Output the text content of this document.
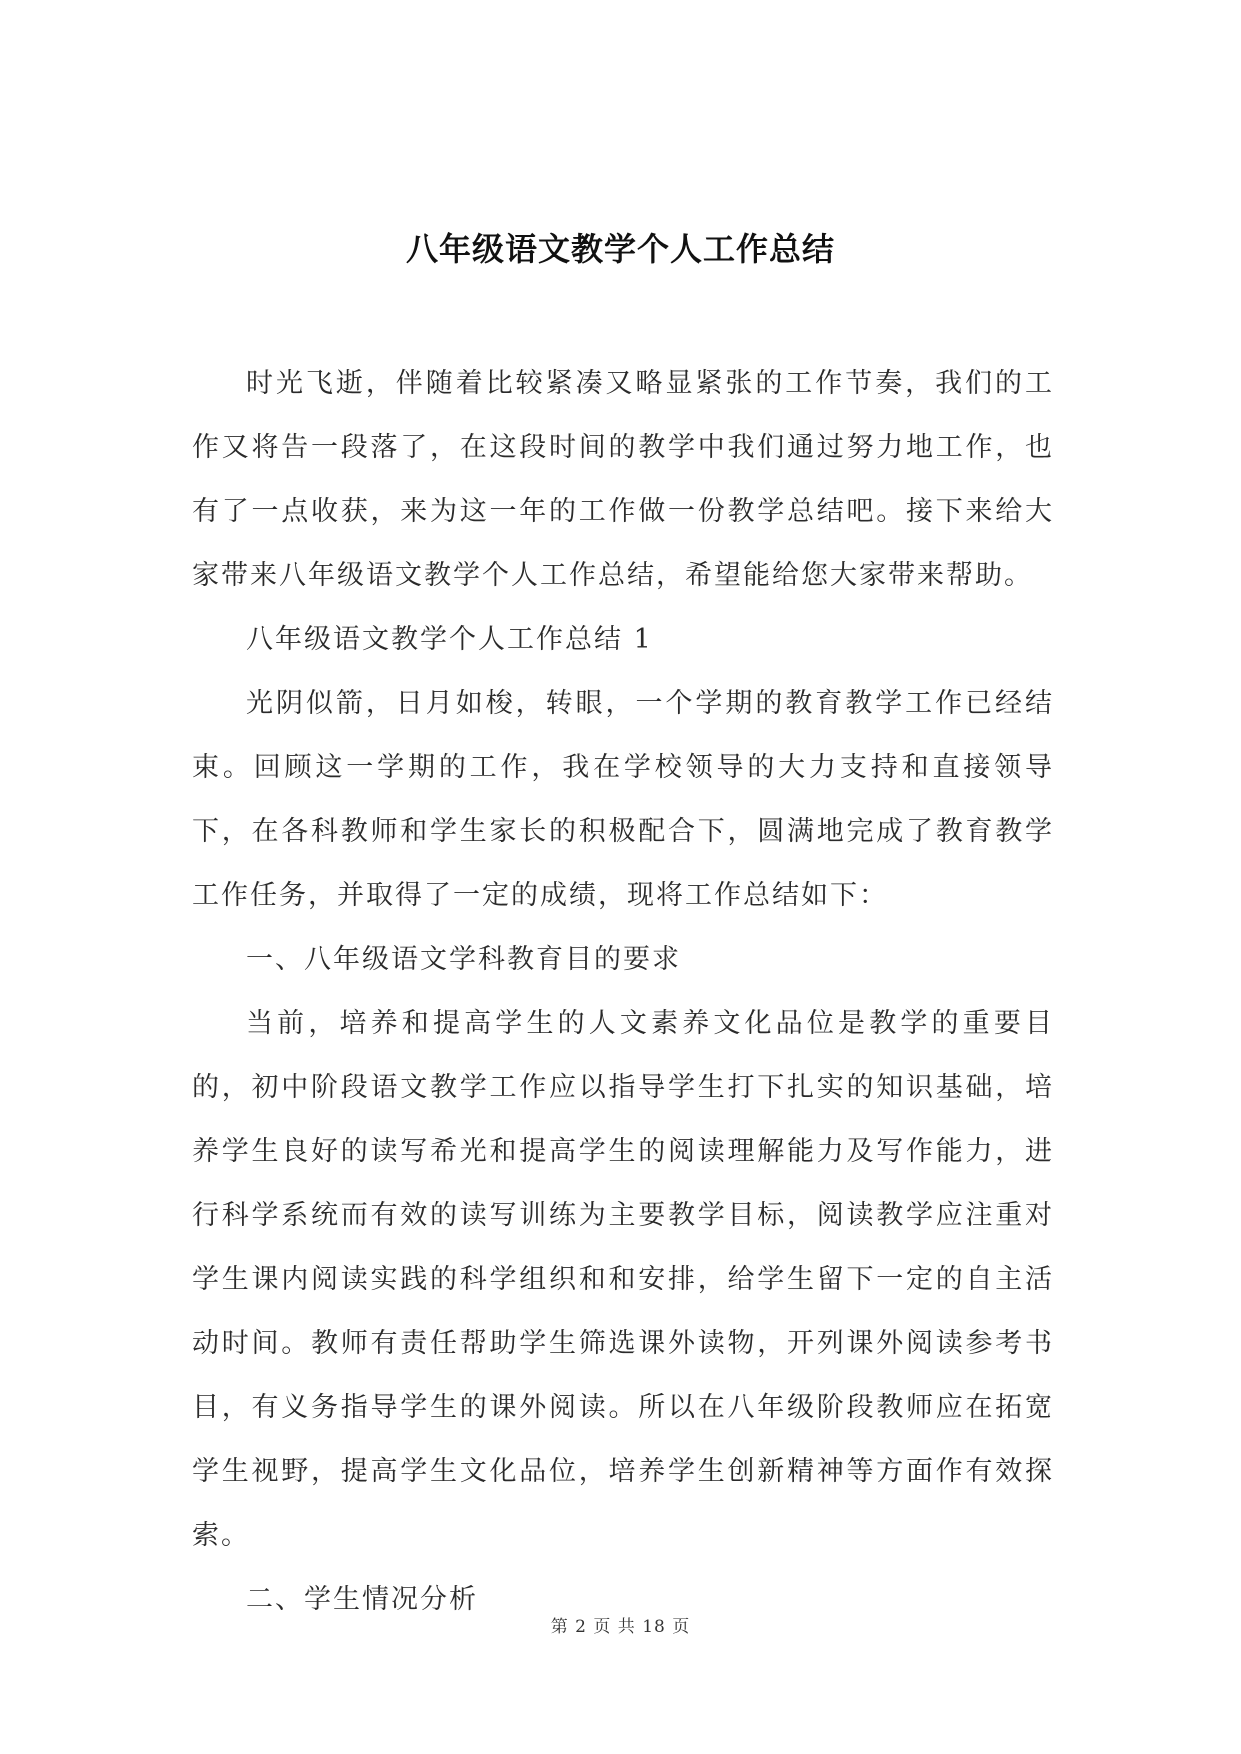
八年级语文教学个人工作总结

时光飞逝，伴随着比较紧凑又略显紧张的工作节奏，我们的工作又将告一段落了，在这段时间的教学中我们通过努力地工作，也有了一点收获，来为这一年的工作做一份教学总结吧。接下来给大家带来八年级语文教学个人工作总结，希望能给您大家带来帮助。

八年级语文教学个人工作总结 1

光阴似箭，日月如梭，转眼，一个学期的教育教学工作已经结束。回顾这一学期的工作，我在学校领导的大力支持和直接领导下，在各科教师和学生家长的积极配合下，圆满地完成了教育教学工作任务，并取得了一定的成绩，现将工作总结如下：

一、八年级语文学科教育目的要求

当前，培养和提高学生的人文素养文化品位是教学的重要目的，初中阶段语文教学工作应以指导学生打下扎实的知识基础，培养学生良好的读写希光和提高学生的阅读理解能力及写作能力，进行科学系统而有效的读写训练为主要教学目标，阅读教学应注重对学生课内阅读实践的科学组织和和安排，给学生留下一定的自主活动时间。教师有责任帮助学生筛选课外读物，开列课外阅读参考书目，有义务指导学生的课外阅读。所以在八年级阶段教师应在拓宽学生视野，提高学生文化品位，培养学生创新精神等方面作有效探索。

二、学生情况分析

第 2 页 共 18 页
